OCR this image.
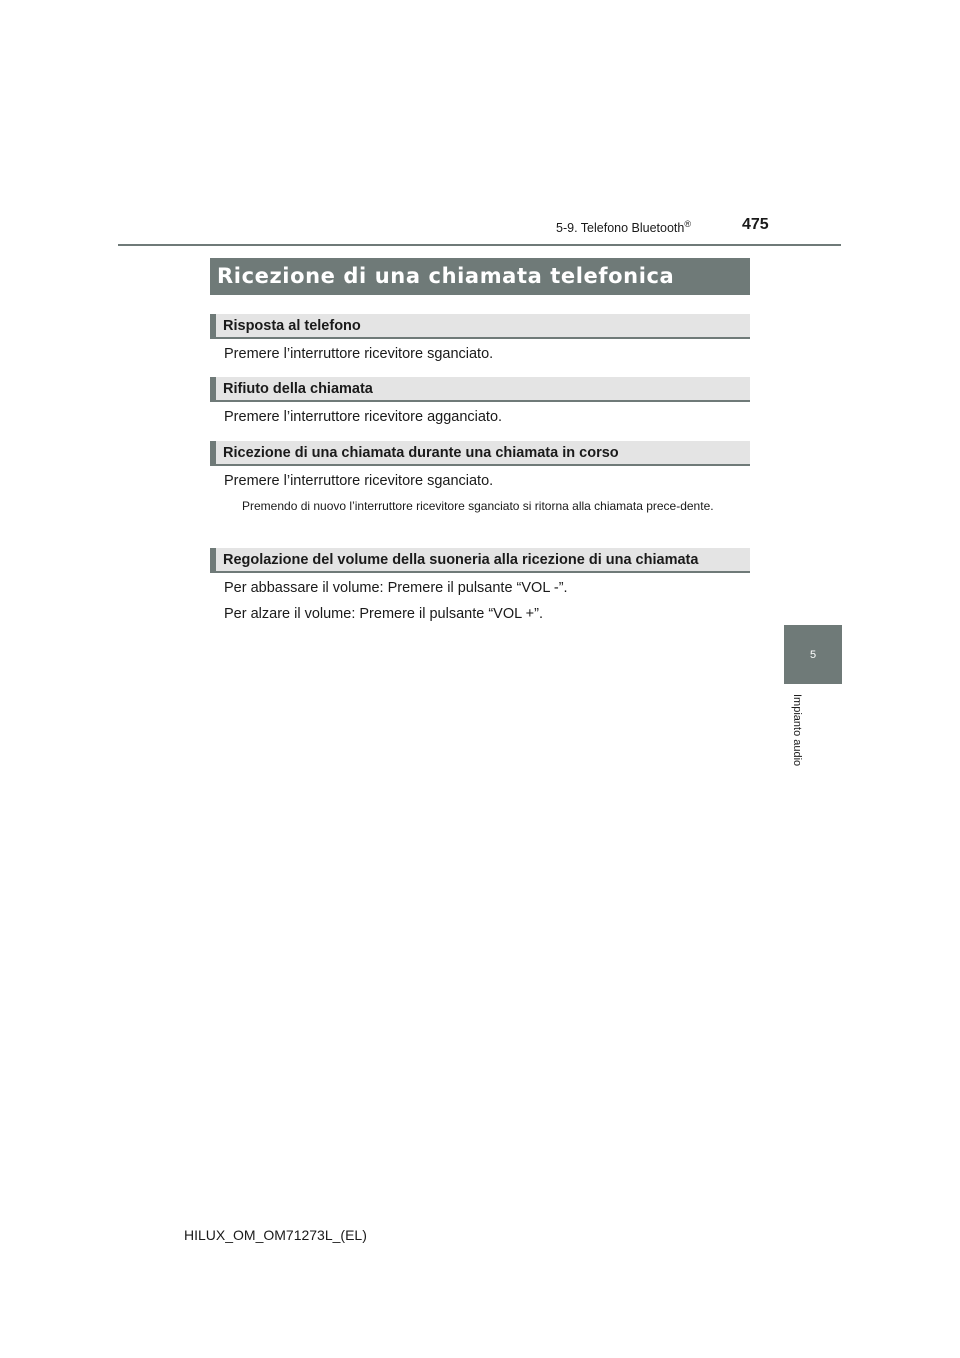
5-9. Telefono Bluetooth®	475
Ricezione di una chiamata telefonica
Risposta al telefono
Premere l’interruttore ricevitore sganciato.
Rifiuto della chiamata
Premere l’interruttore ricevitore agganciato.
Ricezione di una chiamata durante una chiamata in corso
Premere l’interruttore ricevitore sganciato.
Premendo di nuovo l’interruttore ricevitore sganciato si ritorna alla chiamata prece-dente.
Regolazione del volume della suoneria alla ricezione di una chiamata
Per abbassare il volume: Premere il pulsante “VOL -”.
Per alzare il volume: Premere il pulsante “VOL +”.
5
Impianto audio
HILUX_OM_OM71273L_(EL)
